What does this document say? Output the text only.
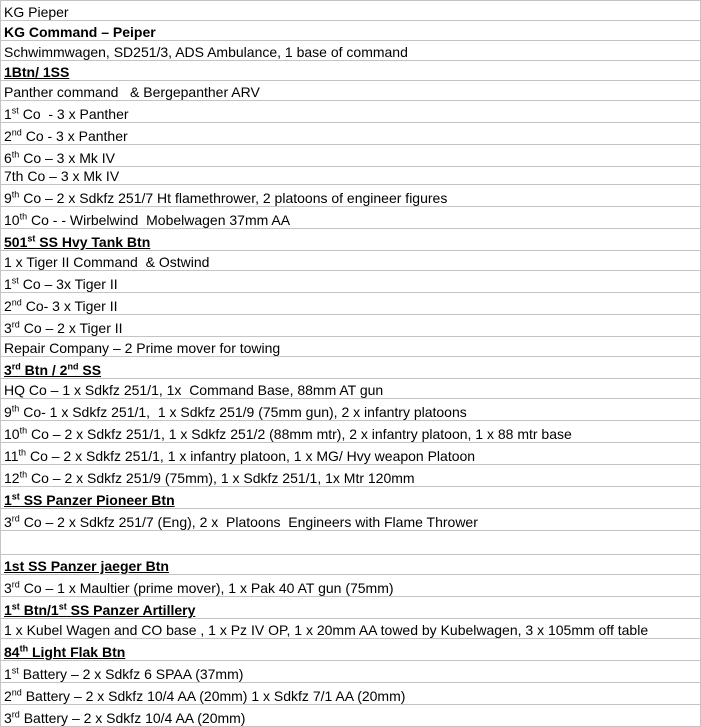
KG Pieper
KG Command – Peiper
Schwimmwagen, SD251/3, ADS Ambulance, 1 base of command
1Btn/ 1SS
Panther command   & Bergepanther ARV
1st Co  - 3 x Panther
2nd Co - 3 x Panther
6th Co – 3 x Mk IV
7th Co – 3 x Mk IV
9th Co – 2 x Sdkfz 251/7 Ht flamethrower, 2 platoons of engineer figures
10th Co - - Wirbelwind  Mobelwagen 37mm AA
501st SS Hvy Tank Btn
1 x Tiger II Command  & Ostwind
1st Co – 3x Tiger II
2nd Co- 3 x Tiger II
3rd Co – 2 x Tiger II
Repair Company – 2 Prime mover for towing
3rd Btn / 2nd SS
HQ Co – 1 x Sdkfz 251/1, 1x  Command Base, 88mm AT gun
9th Co- 1 x Sdkfz 251/1,  1 x Sdkfz 251/9 (75mm gun), 2 x infantry platoons
10th Co – 2 x Sdkfz 251/1, 1 x Sdkfz 251/2 (88mm mtr), 2 x infantry platoon, 1 x 88 mtr base
11th Co – 2 x Sdkfz 251/1, 1 x infantry platoon, 1 x MG/ Hvy weapon Platoon
12th Co – 2 x Sdkfz 251/9 (75mm), 1 x Sdkfz 251/1, 1x Mtr 120mm
1st SS Panzer Pioneer Btn
3rd Co – 2 x Sdkfz 251/7 (Eng), 2 x  Platoons  Engineers with Flame Thrower

1st SS Panzer jaeger Btn
3rd Co – 1 x Maultier (prime mover), 1 x Pak 40 AT gun (75mm)
1st Btn/1st SS Panzer Artillery
1 x Kubel Wagen and CO base , 1 x Pz IV OP, 1 x 20mm AA towed by Kubelwagen, 3 x 105mm off table
84th Light Flak Btn
1st Battery – 2 x Sdkfz 6 SPAA (37mm)
2nd Battery – 2 x Sdkfz 10/4 AA (20mm) 1 x Sdkfz 7/1 AA (20mm)
3rd Battery – 2 x Sdkfz 10/4 AA (20mm)
